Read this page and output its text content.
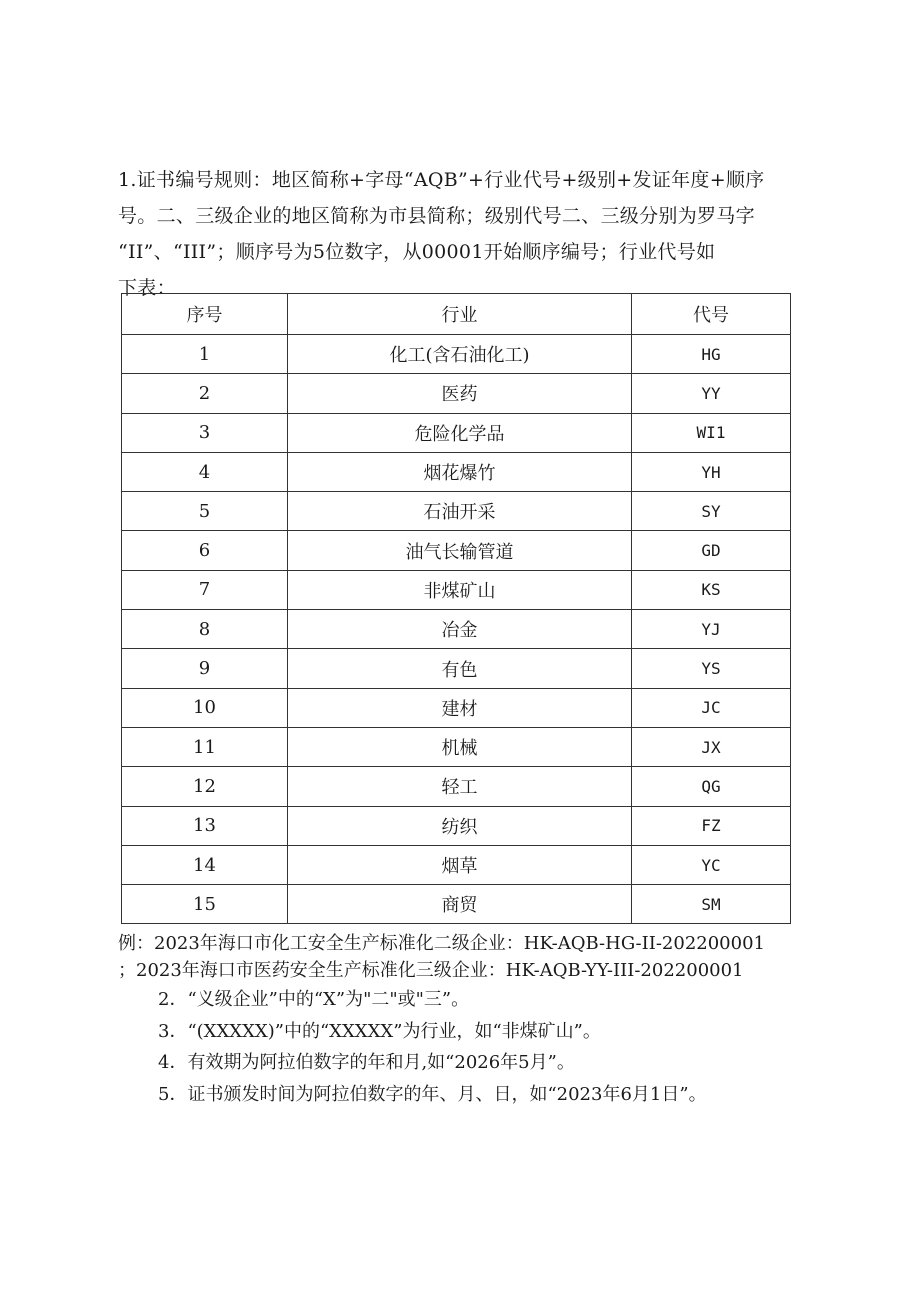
1.证书编号规则：地区简称+字母“AQB”+行业代号+级别+发证年度+顺序

号。二、三级企业的地区简称为市县简称；级别代号二、三级分别为罗马字

“II”、“III”；顺序号为5位数字，从00001开始顺序编号；行业代号如

下表：

序号	行业	代号
1	化工(含石油化工)	HG
2	医药	YY
3	危险化学品	WI1
4	烟花爆竹	YH
5	石油开采	SY
6	油气长输管道	GD
7	非煤矿山	KS
8	冶金	YJ
9	有色	YS
10	建材	JC
11	机械	JX
12	轻工	QG
13	纺织	FZ
14	烟草	YC
15	商贸	SM

例：2023年海口市化工安全生产标准化二级企业：HK-AQB-HG-II-202200001

；2023年海口市医药安全生产标准化三级企业：HK-AQB-YY-III-202200001

2．“义级企业”中的“X”为"二"或"三”。

3．“(XXXXX)”中的“XXXXX”为行业，如“非煤矿山”。

4．有效期为阿拉伯数字的年和月,如“2026年5月”。

5．证书颁发时间为阿拉伯数字的年、月、日，如“2023年6月1日”。
